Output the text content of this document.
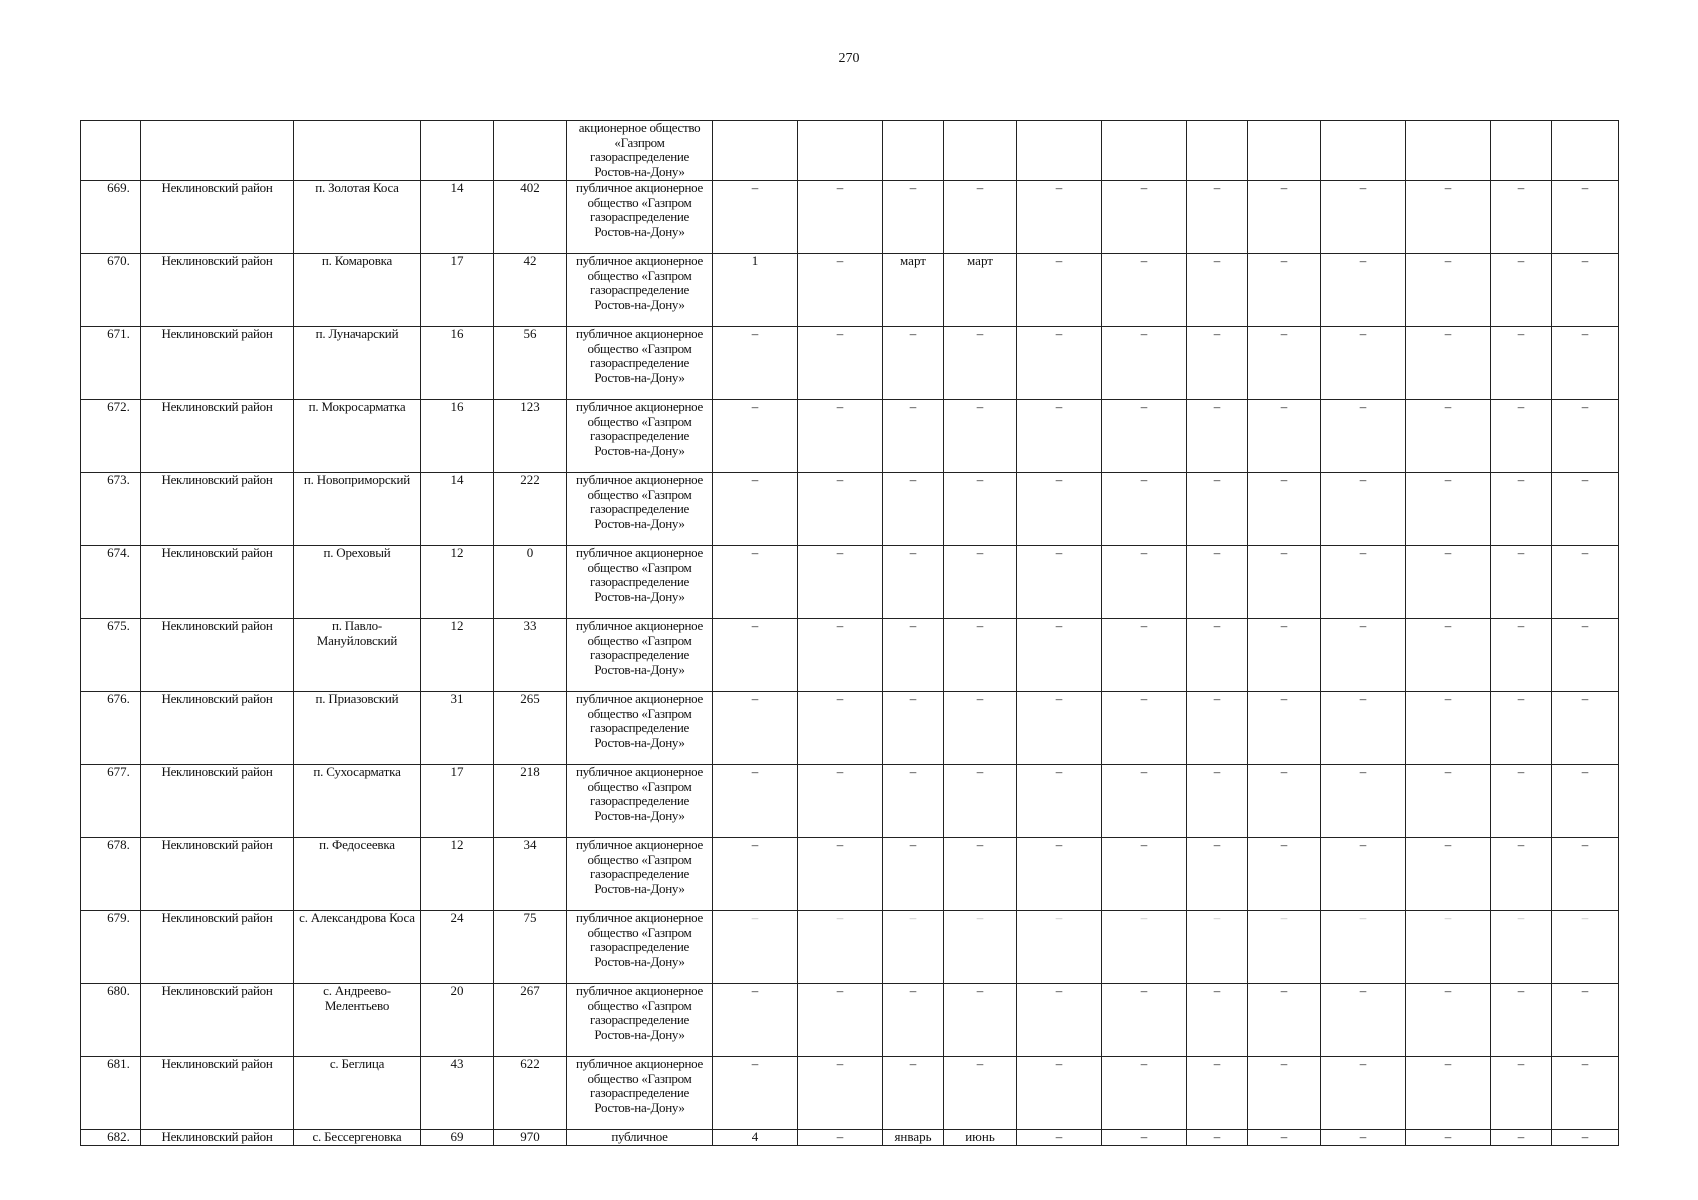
270
					акционерное общество «Газпром газораспределение Ростов-на-Дону»												
669.	Неклиновский район	п. Золотая Коса	14	402	публичное акционерное общество «Газпром газораспределение Ростов-на-Дону»	–	–	–	–	–	–	–	–	–	–	–	–
670.	Неклиновский район	п. Комаровка	17	42	публичное акционерное общество «Газпром газораспределение Ростов-на-Дону»	1	–	март	март	–	–	–	–	–	–	–	–
671.	Неклиновский район	п. Луначарский	16	56	публичное акционерное общество «Газпром газораспределение Ростов-на-Дону»	–	–	–	–	–	–	–	–	–	–	–	–
672.	Неклиновский район	п. Мокросарматка	16	123	публичное акционерное общество «Газпром газораспределение Ростов-на-Дону»	–	–	–	–	–	–	–	–	–	–	–	–
673.	Неклиновский район	п. Новоприморский	14	222	публичное акционерное общество «Газпром газораспределение Ростов-на-Дону»	–	–	–	–	–	–	–	–	–	–	–	–
674.	Неклиновский район	п. Ореховый	12	0	публичное акционерное общество «Газпром газораспределение Ростов-на-Дону»	–	–	–	–	–	–	–	–	–	–	–	–
675.	Неклиновский район	п. Павло-Мануйловский	12	33	публичное акционерное общество «Газпром газораспределение Ростов-на-Дону»	–	–	–	–	–	–	–	–	–	–	–	–
676.	Неклиновский район	п. Приазовский	31	265	публичное акционерное общество «Газпром газораспределение Ростов-на-Дону»	–	–	–	–	–	–	–	–	–	–	–	–
677.	Неклиновский район	п. Сухосарматка	17	218	публичное акционерное общество «Газпром газораспределение Ростов-на-Дону»	–	–	–	–	–	–	–	–	–	–	–	–
678.	Неклиновский район	п. Федосеевка	12	34	публичное акционерное общество «Газпром газораспределение Ростов-на-Дону»	–	–	–	–	–	–	–	–	–	–	–	–
679.	Неклиновский район	с. Александрова Коса	24	75	публичное акционерное общество «Газпром газораспределение Ростов-на-Дону»	–	–	–	–	–	–	–	–	–	–	–	–
680.	Неклиновский район	с. Андреево-Мелентьево	20	267	публичное акционерное общество «Газпром газораспределение Ростов-на-Дону»	–	–	–	–	–	–	–	–	–	–	–	–
681.	Неклиновский район	с. Беглица	43	622	публичное акционерное общество «Газпром газораспределение Ростов-на-Дону»	–	–	–	–	–	–	–	–	–	–	–	–
682.	Неклиновский район	с. Бессергеновка	69	970	публичное	4	–	январь	июнь	–	–	–	–	–	–	–	–
